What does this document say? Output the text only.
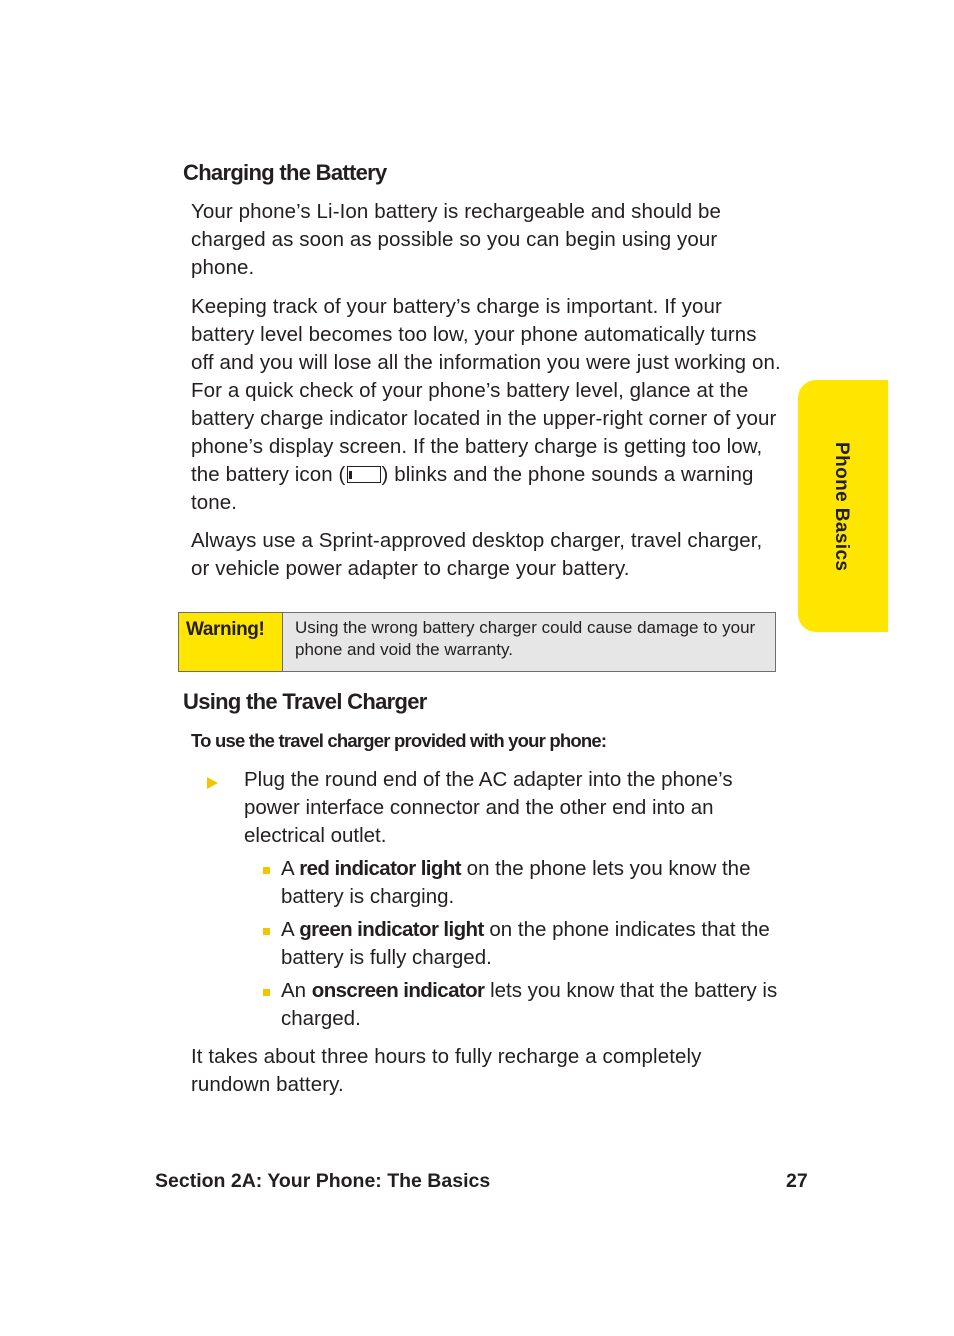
Charging the Battery

Your phone’s Li-Ion battery is rechargeable and should be charged as soon as possible so you can begin using your phone.

Keeping track of your battery’s charge is important. If your battery level becomes too low, your phone automatically turns off and you will lose all the information you were just working on. For a quick check of your phone’s battery level, glance at the battery charge indicator located in the upper-right corner of your phone’s display screen. If the battery charge is getting too low, the battery icon ( ) blinks and the phone sounds a warning tone.

Always use a Sprint-approved desktop charger, travel charger, or vehicle power adapter to charge your battery.

Warning!	Using the wrong battery charger could cause damage to your phone and void the warranty.
Using the Travel Charger

To use the travel charger provided with your phone:

Plug the round end of the AC adapter into the phone’s power interface connector and the other end into an electrical outlet.

A red indicator light on the phone lets you know the battery is charging.

A green indicator light on the phone indicates that the battery is fully charged.

An onscreen indicator lets you know that the battery is charged.

It takes about three hours to fully recharge a completely rundown battery.

Phone Basics
Section 2A: Your Phone: The Basics	27
